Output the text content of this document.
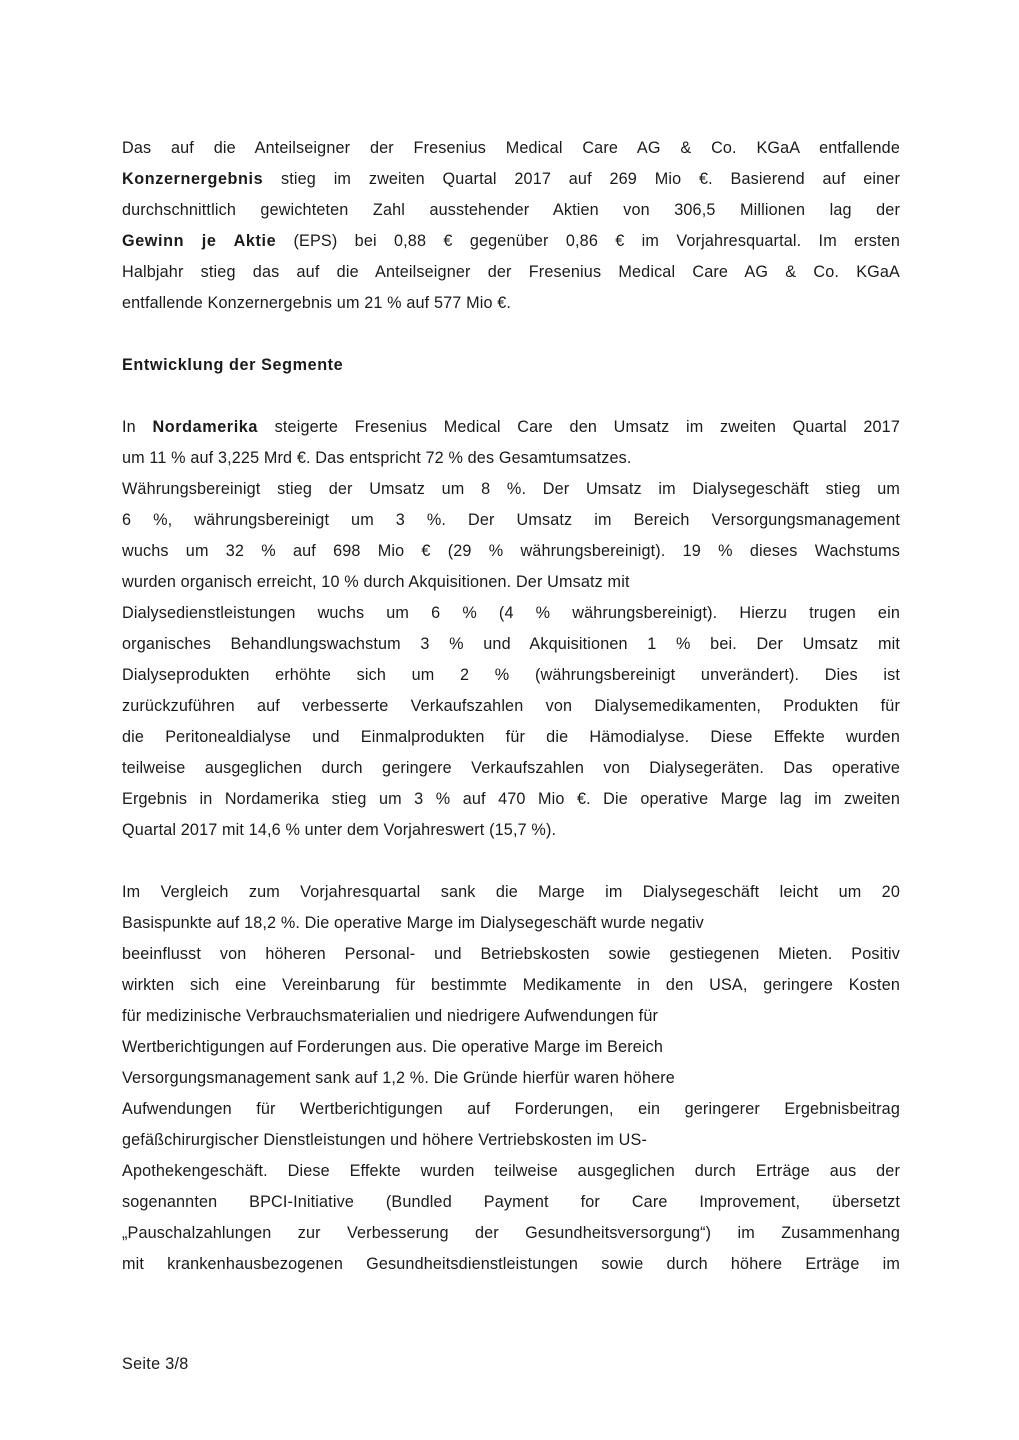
Das auf die Anteilseigner der Fresenius Medical Care AG & Co. KGaA entfallende
Konzernergebnis stieg im zweiten Quartal 2017 auf 269 Mio €. Basierend auf einer
durchschnittlich gewichteten Zahl ausstehender Aktien von 306,5 Millionen lag der
Gewinn je Aktie (EPS) bei 0,88 € gegenüber 0,86 € im Vorjahresquartal. Im ersten
Halbjahr stieg das auf die Anteilseigner der Fresenius Medical Care AG & Co. KGaA
entfallende Konzernergebnis um 21 % auf 577 Mio €.

Entwicklung der Segmente

In Nordamerika steigerte Fresenius Medical Care den Umsatz im zweiten Quartal 2017
um 11 % auf 3,225 Mrd €. Das entspricht 72 % des Gesamtumsatzes.
Währungsbereinigt stieg der Umsatz um 8 %. Der Umsatz im Dialysegeschäft stieg um
6 %, währungsbereinigt um 3 %. Der Umsatz im Bereich Versorgungsmanagement
wuchs um 32 % auf 698 Mio € (29 % währungsbereinigt). 19 % dieses Wachstums
wurden organisch erreicht, 10 % durch Akquisitionen. Der Umsatz mit
Dialysedienstleistungen wuchs um 6 % (4 % währungsbereinigt). Hierzu trugen ein
organisches Behandlungswachstum 3 % und Akquisitionen 1 % bei. Der Umsatz mit
Dialyseprodukten erhöhte sich um 2 % (währungsbereinigt unverändert). Dies ist
zurückzuführen auf verbesserte Verkaufszahlen von Dialysemedikamenten, Produkten für
die Peritonealdialyse und Einmalprodukten für die Hämodialyse. Diese Effekte wurden
teilweise ausgeglichen durch geringere Verkaufszahlen von Dialysegeräten. Das operative
Ergebnis in Nordamerika stieg um 3 % auf 470 Mio €. Die operative Marge lag im zweiten
Quartal 2017 mit 14,6 % unter dem Vorjahreswert (15,7 %).

Im Vergleich zum Vorjahresquartal sank die Marge im Dialysegeschäft leicht um 20
Basispunkte auf 18,2 %. Die operative Marge im Dialysegeschäft wurde negativ
beeinflusst von höheren Personal- und Betriebskosten sowie gestiegenen Mieten. Positiv
wirkten sich eine Vereinbarung für bestimmte Medikamente in den USA, geringere Kosten
für medizinische Verbrauchsmaterialien und niedrigere Aufwendungen für
Wertberichtigungen auf Forderungen aus. Die operative Marge im Bereich
Versorgungsmanagement sank auf 1,2 %. Die Gründe hierfür waren höhere
Aufwendungen für Wertberichtigungen auf Forderungen, ein geringerer Ergebnisbeitrag
gefäßchirurgischer Dienstleistungen und höhere Vertriebskosten im US-
Apothekengeschäft. Diese Effekte wurden teilweise ausgeglichen durch Erträge aus der
sogenannten BPCI-Initiative (Bundled Payment for Care Improvement, übersetzt
„Pauschalzahlungen zur Verbesserung der Gesundheitsversorgung“) im Zusammenhang
mit krankenhausbezogenen Gesundheitsdienstleistungen sowie durch höhere Erträge im

Seite 3/8
